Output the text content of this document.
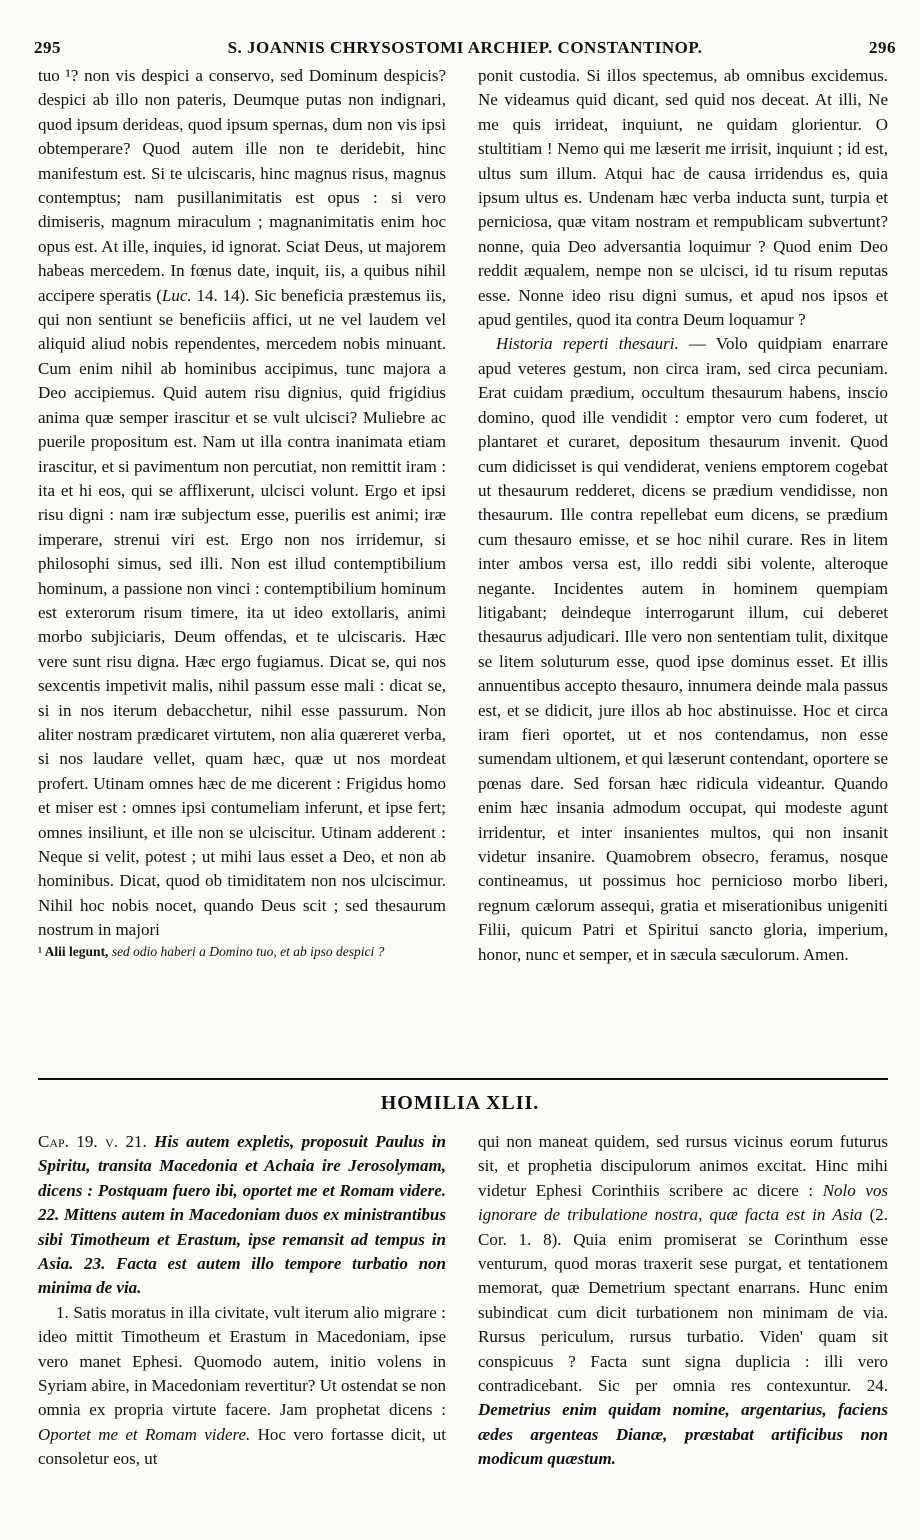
295	S. JOANNIS CHRYSOSTOMI ARCHIEP. CONSTANTINOP.	296

tuo ¹? non vis despici a conservo, sed Dominum despicis? despici ab illo non pateris, Deumque putas non indignari, quod ipsum derideas, quod ipsum spernas, dum non vis ipsi obtemperare? Quod autem ille non te deridebit, hinc manifestum est. Si te ulciscaris, hinc magnus risus, magnus contemptus; nam pusillanimitatis est opus : si vero dimiseris, magnum miraculum ; magnanimitatis enim hoc opus est. At ille, inquies, id ignorat. Sciat Deus, ut majorem habeas mercedem. In fœnus date, inquit, iis, a quibus nihil accipere speratis (Luc. 14. 14). Sic beneficia præstemus iis, qui non sentiunt se beneficiis affici, ut ne vel laudem vel aliquid aliud nobis rependentes, mercedem nobis minuant. Cum enim nihil ab hominibus accipimus, tunc majora a Deo accipiemus. Quid autem risu dignius, quid frigidius anima quæ semper irascitur et se vult ulcisci? Muliebre ac puerile propositum est. Nam ut illa contra inanimata etiam irascitur, et si pavimentum non percutiat, non remittit iram : ita et hi eos, qui se afflixerunt, ulcisci volunt. Ergo et ipsi risu digni : nam iræ subjectum esse, puerilis est animi; iræ imperare, strenui viri est. Ergo non nos irridemur, si philosophi simus, sed illi. Non est illud contemptibilium hominum, a passione non vinci : contemptibilium hominum est exterorum risum timere, ita ut ideo extollaris, animi morbo subjiciaris, Deum offendas, et te ulciscaris. Hæc vere sunt risu digna. Hæc ergo fugiamus. Dicat se, qui nos sexcentis impetivit malis, nihil passum esse mali : dicat se, si in nos iterum debacchetur, nihil esse passurum. Non aliter nostram prædicaret virtutem, non alia quæreret verba, si nos laudare vellet, quam hæc, quæ ut nos mordeat profert. Utinam omnes hæc de me dicerent : Frigidus homo et miser est : omnes ipsi contumeliam inferunt, et ipse fert; omnes insiliunt, et ille non se ulciscitur. Utinam adderent : Neque si velit, potest ; ut mihi laus esset a Deo, et non ab hominibus. Dicat, quod ob timiditatem non nos ulciscimur. Nihil hoc nobis nocet, quando Deus scit ; sed thesaurum nostrum in majori

¹ Alii legunt, sed odio haberi a Domino tuo, et ab ipso despici ?

ponit custodia. Si illos spectemus, ab omnibus excidemus. Ne videamus quid dicant, sed quid nos deceat. At illi, Ne me quis irrideat, inquiunt, ne quidam glorientur. O stultitiam ! Nemo qui me læserit me irrisit, inquiunt ; id est, ultus sum illum. Atqui hac de causa irridendus es, quia ipsum ultus es. Undenam hæc verba inducta sunt, turpia et perniciosa, quæ vitam nostram et rempublicam subvertunt? nonne, quia Deo adversantia loquimur ? Quod enim Deo reddit æqualem, nempe non se ulcisci, id tu risum reputas esse. Nonne ideo risu digni sumus, et apud nos ipsos et apud gentiles, quod ita contra Deum loquamur ?

Historia reperti thesauri. — Volo quidpiam enarrare apud veteres gestum, non circa iram, sed circa pecuniam. Erat cuidam prædium, occultum thesaurum habens, inscio domino, quod ille vendidit : emptor vero cum foderet, ut plantaret et curaret, depositum thesaurum invenit. Quod cum didicisset is qui vendiderat, veniens emptorem cogebat ut thesaurum redderet, dicens se prædium vendidisse, non thesaurum. Ille contra repellebat eum dicens, se prædium cum thesauro emisse, et se hoc nihil curare. Res in litem inter ambos versa est, illo reddi sibi volente, alteroque negante. Incidentes autem in hominem quempiam litigabant; deindeque interrogarunt illum, cui deberet thesaurus adjudicari. Ille vero non sententiam tulit, dixitque se litem soluturum esse, quod ipse dominus esset. Et illis annuentibus accepto thesauro, innumera deinde mala passus est, et se didicit, jure illos ab hoc abstinuisse. Hoc et circa iram fieri oportet, ut et nos contendamus, non esse sumendam ultionem, et qui læserunt contendant, oportere se pœnas dare. Sed forsan hæc ridicula videantur. Quando enim hæc insania admodum occupat, qui modeste agunt irridentur, et inter insanientes multos, qui non insanit videtur insanire. Quamobrem obsecro, feramus, nosque contineamus, ut possimus hoc pernicioso morbo liberi, regnum cælorum assequi, gratia et miserationibus unigeniti Filii, quicum Patri et Spiritui sancto gloria, imperium, honor, nunc et semper, et in sæcula sæculorum. Amen.

HOMILIA XLII.

Cap. 19. v. 21. His autem expletis, proposuit Paulus in Spiritu, transita Macedonia et Achaia ire Jerosolymam, dicens : Postquam fuero ibi, oportet me et Romam videre. 22. Mittens autem in Macedoniam duos ex ministrantibus sibi Timotheum et Erastum, ipse remansit ad tempus in Asia. 23. Facta est autem illo tempore turbatio non minima de via.

1. Satis moratus in illa civitate, vult iterum alio migrare : ideo mittit Timotheum et Erastum in Macedoniam, ipse vero manet Ephesi. Quomodo autem, initio volens in Syriam abire, in Macedoniam revertitur? Ut ostendat se non omnia ex propria virtute facere. Jam prophetat dicens : Oportet me et Romam videre. Hoc vero fortasse dicit, ut consoletur eos, ut

qui non maneat quidem, sed rursus vicinus eorum futurus sit, et prophetia discipulorum animos excitat. Hinc mihi videtur Ephesi Corinthiis scribere ac dicere : Nolo vos ignorare de tribulatione nostra, quæ facta est in Asia (2. Cor. 1. 8). Quia enim promiserat se Corinthum esse venturum, quod moras traxerit sese purgat, et tentationem memorat, quæ Demetrium spectant enarrans. Hunc enim subindicat cum dicit turbationem non minimam de via. Rursus periculum, rursus turbatio. Viden' quam sit conspicuus ? Facta sunt signa duplicia : illi vero contradicebant. Sic per omnia res contexuntur. 24. Demetrius enim quidam nomine, argentarius, faciens ædes argenteas Dianæ, præstabat artificibus non modicum quæstum.
